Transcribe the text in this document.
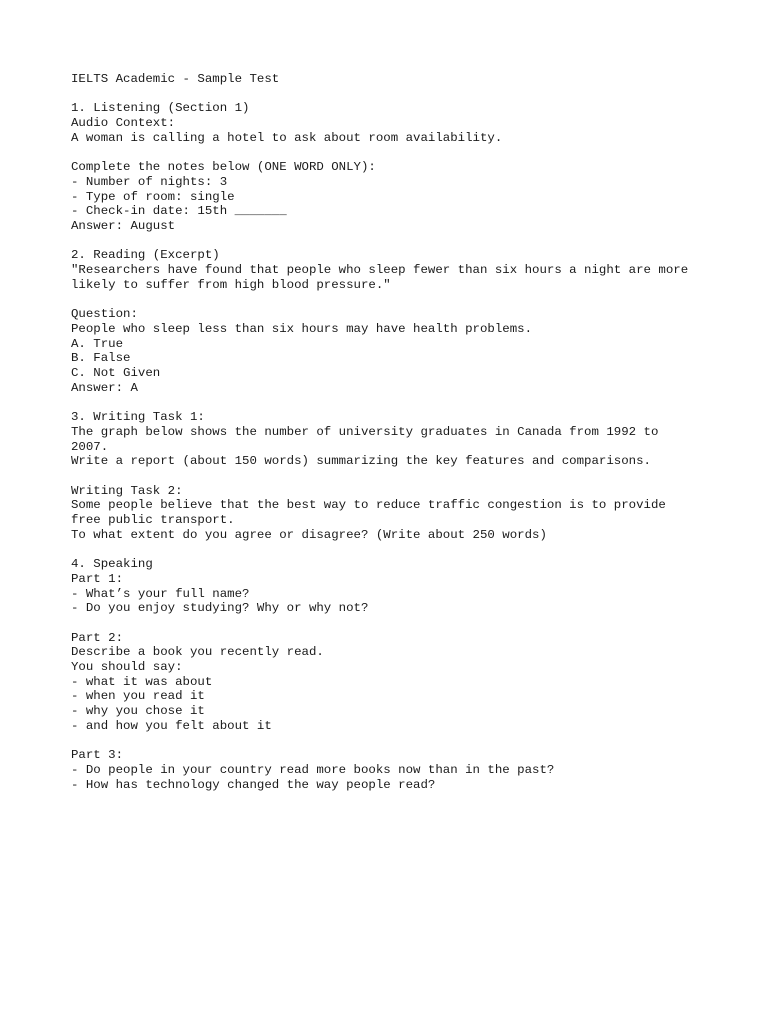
IELTS Academic - Sample Test
1. Listening (Section 1)
Audio Context:
A woman is calling a hotel to ask about room availability.
Complete the notes below (ONE WORD ONLY):
- Number of nights: 3
- Type of room: single
- Check-in date: 15th _______
Answer: August
2. Reading (Excerpt)
"Researchers have found that people who sleep fewer than six hours a night are more
likely to suffer from high blood pressure."
Question:
People who sleep less than six hours may have health problems.
A. True
B. False
C. Not Given
Answer: A
3. Writing Task 1:
The graph below shows the number of university graduates in Canada from 1992 to
2007.
Write a report (about 150 words) summarizing the key features and comparisons.
Writing Task 2:
Some people believe that the best way to reduce traffic congestion is to provide
free public transport.
To what extent do you agree or disagree? (Write about 250 words)
4. Speaking
Part 1:
- What’s your full name?
- Do you enjoy studying? Why or why not?
Part 2:
Describe a book you recently read.
You should say:
- what it was about
- when you read it
- why you chose it
- and how you felt about it
Part 3:
- Do people in your country read more books now than in the past?
- How has technology changed the way people read?
